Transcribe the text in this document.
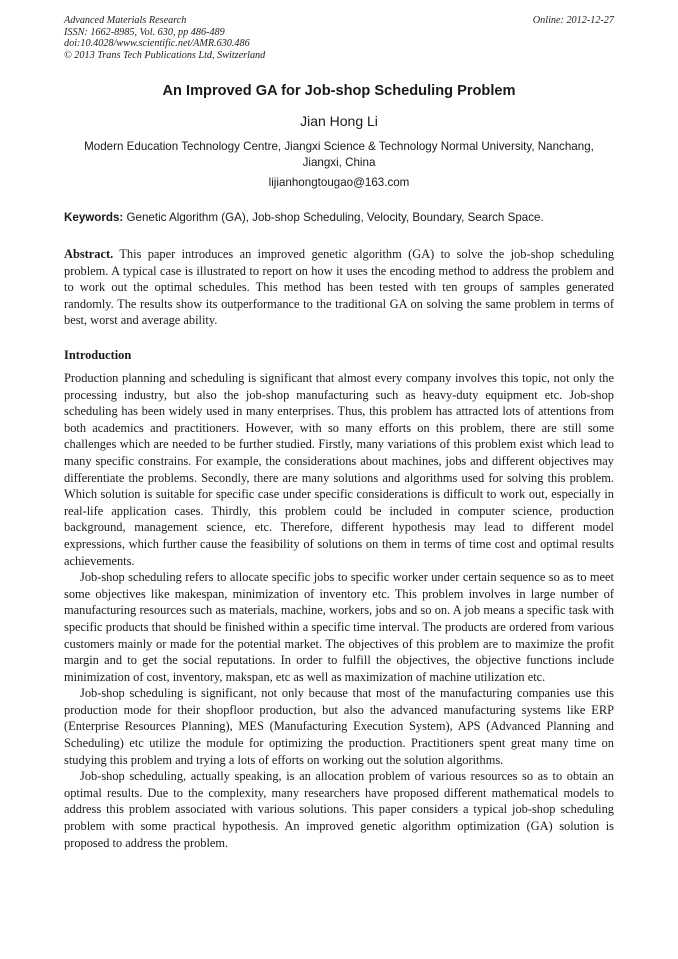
Advanced Materials Research
ISSN: 1662-8985, Vol. 630, pp 486-489
doi:10.4028/www.scientific.net/AMR.630.486
© 2013 Trans Tech Publications Ltd, Switzerland
Online: 2012-12-27
An Improved GA for Job-shop Scheduling Problem
Jian Hong Li
Modern Education Technology Centre, Jiangxi Science & Technology Normal University, Nanchang, Jiangxi, China
lijianhongtougao@163.com
Keywords: Genetic Algorithm (GA), Job-shop Scheduling, Velocity, Boundary, Search Space.
Abstract. This paper introduces an improved genetic algorithm (GA) to solve the job-shop scheduling problem. A typical case is illustrated to report on how it uses the encoding method to address the problem and to work out the optimal schedules. This method has been tested with ten groups of samples generated randomly. The results show its outperformance to the traditional GA on solving the same problem in terms of best, worst and average ability.
Introduction

Production planning and scheduling is significant that almost every company involves this topic, not only the processing industry, but also the job-shop manufacturing such as heavy-duty equipment etc. Job-shop scheduling has been widely used in many enterprises. Thus, this problem has attracted lots of attentions from both academics and practitioners. However, with so many efforts on this problem, there are still some challenges which are needed to be further studied. Firstly, many variations of this problem exist which lead to many specific constrains. For example, the considerations about machines, jobs and different objectives may differentiate the problems. Secondly, there are many solutions and algorithms used for solving this problem. Which solution is suitable for specific case under specific considerations is difficult to work out, especially in real-life application cases. Thirdly, this problem could be included in computer science, production background, management science, etc. Therefore, different hypothesis may lead to different model expressions, which further cause the feasibility of solutions on them in terms of time cost and optimal results achievements.

Job-shop scheduling refers to allocate specific jobs to specific worker under certain sequence so as to meet some objectives like makespan, minimization of inventory etc. This problem involves in large number of manufacturing resources such as materials, machine, workers, jobs and so on. A job means a specific task with specific products that should be finished within a specific time interval. The products are ordered from various customers mainly or made for the potential market. The objectives of this problem are to maximize the profit margin and to get the social reputations. In order to fulfill the objectives, the objective functions include minimization of cost, inventory, makspan, etc as well as maximization of machine utilization etc.

Job-shop scheduling is significant, not only because that most of the manufacturing companies use this production mode for their shopfloor production, but also the advanced manufacturing systems like ERP (Enterprise Resources Planning), MES (Manufacturing Execution System), APS (Advanced Planning and Scheduling) etc utilize the module for optimizing the production. Practitioners spent great many time on studying this problem and trying a lots of efforts on working out the solution algorithms.

Job-shop scheduling, actually speaking, is an allocation problem of various resources so as to obtain an optimal results. Due to the complexity, many researchers have proposed different mathematical models to address this problem associated with various solutions. This paper considers a typical job-shop scheduling problem with some practical hypothesis. An improved genetic algorithm optimization (GA) solution is proposed to address the problem.
